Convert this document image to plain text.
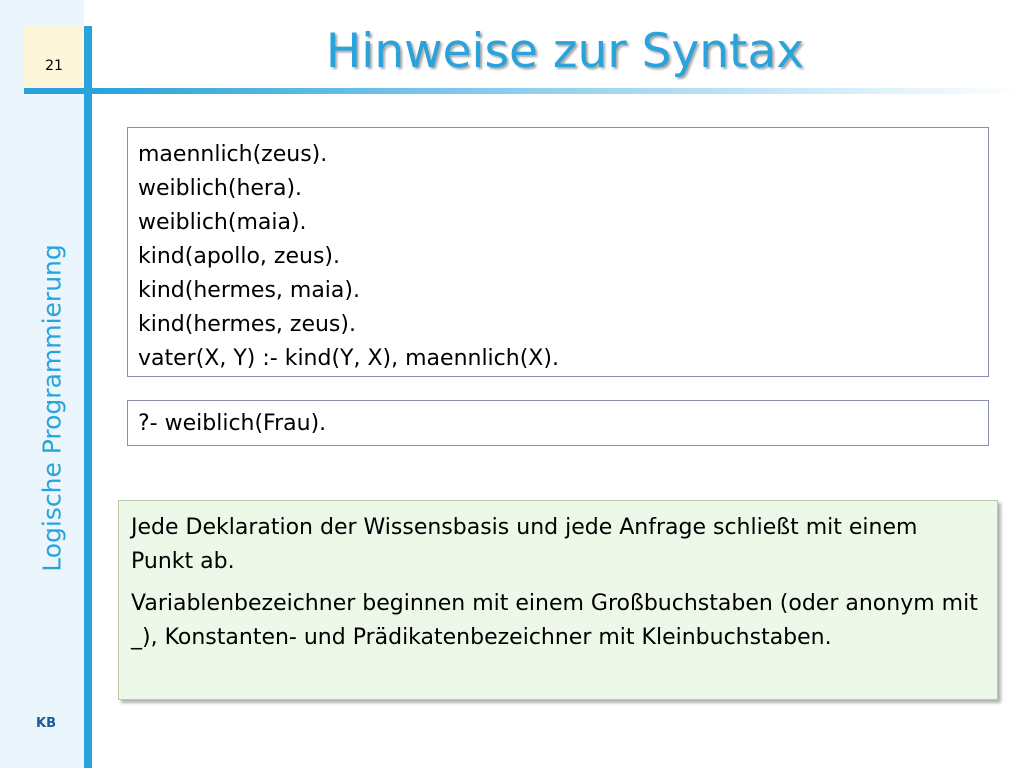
21	Hinweise zur Syntax
Logische Programmierung
KB
maennlich(zeus).
weiblich(hera).
weiblich(maia).
kind(apollo, zeus).
kind(hermes, maia).
kind(hermes, zeus).
vater(X, Y) :- kind(Y, X), maennlich(X).
?- weiblich(Frau).

Jede Deklaration der Wissensbasis und jede Anfrage schließt mit einem Punkt ab.

Variablenbezeichner beginnen mit einem Großbuchstaben (oder anonym mit _), Konstanten- und Prädikatenbezeichner mit Kleinbuchstaben.
